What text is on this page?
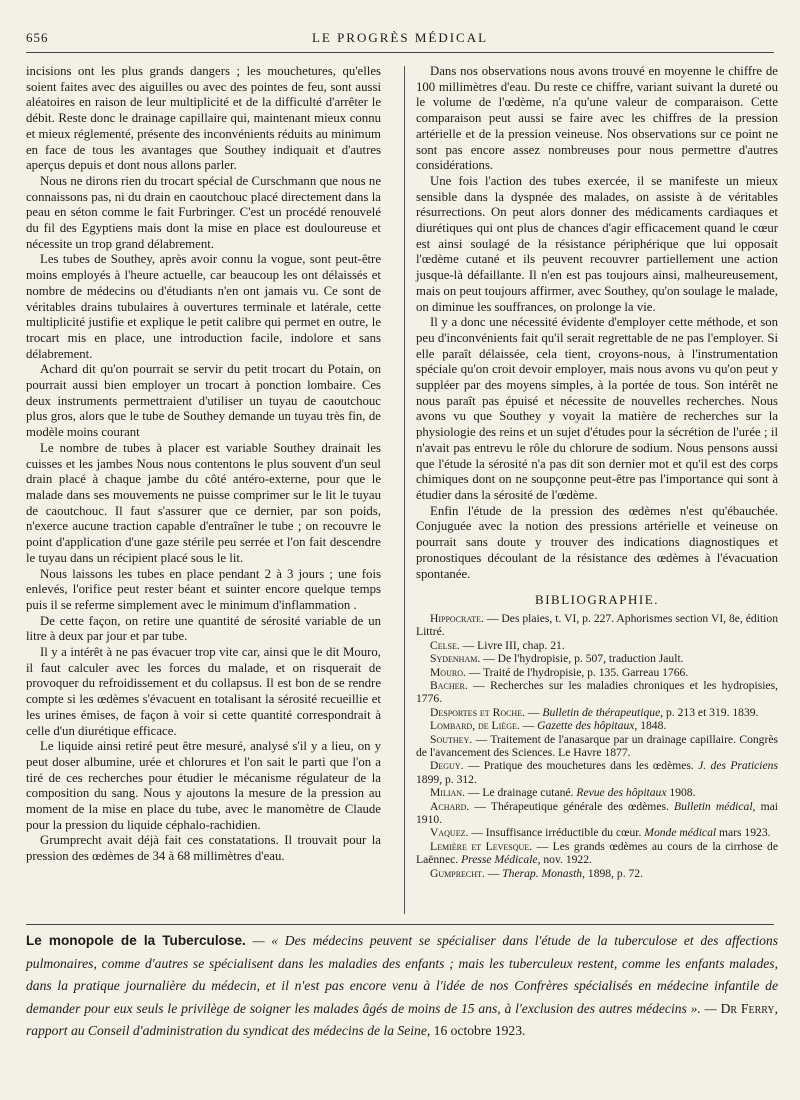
656	LE PROGRÈS MÉDICAL

incisions ont les plus grands dangers ; les mouchetures, qu'elles soient faites avec des aiguilles ou avec des pointes de feu, sont aussi aléatoires en raison de leur multiplicité et de la difficulté d'arrêter le débit. Reste donc le drainage capillaire qui, maintenant mieux connu et mieux réglementé, présente des inconvénients réduits au minimum en face de tous les avantages que Southey indiquait et d'autres aperçus depuis et dont nous allons parler.

Nous ne dirons rien du trocart spécial de Curschmann que nous ne connaissons pas, ni du drain en caoutchouc placé directement dans la peau en séton comme le fait Furbringer. C'est un procédé renouvelé du fil des Egyptiens mais dont la mise en place est douloureuse et nécessite un trop grand délabrement.

Les tubes de Southey, après avoir connu la vogue, sont peut-être moins employés à l'heure actuelle, car beaucoup les ont délaissés et nombre de médecins ou d'étudiants n'en ont jamais vu. Ce sont de véritables drains tubulaires à ouvertures terminale et latérale, cette multiplicité justifie et explique le petit calibre qui permet en outre, le trocart mis en place, une introduction facile, indolore et sans délabrement.

Achard dit qu'on pourrait se servir du petit trocart du Potain, on pourrait aussi bien employer un trocart à ponction lombaire. Ces deux instruments permettraient d'utiliser un tuyau de caoutchouc plus gros, alors que le tube de Southey demande un tuyau très fin, de modèle moins courant

Le nombre de tubes à placer est variable Southey drainait les cuisses et les jambes Nous nous contentons le plus souvent d'un seul drain placé à chaque jambe du côté antéro-externe, pour que le malade dans ses mouvements ne puisse comprimer sur le lit le tuyau de caoutchouc. Il faut s'assurer que ce dernier, par son poids, n'exerce aucune traction capable d'entraîner le tube ; on recouvre le point d'application d'une gaze stérile peu serrée et l'on fait descendre le tuyau dans un récipient placé sous le lit.

Nous laissons les tubes en place pendant 2 à 3 jours ; une fois enlevés, l'orifice peut rester béant et suinter encore quelque temps puis il se referme simplement avec le minimum d'inflammation .

De cette façon, on retire une quantité de sérosité variable de un litre à deux par jour et par tube.

Il y a intérêt à ne pas évacuer trop vite car, ainsi que le dit Mouro, il faut calculer avec les forces du malade, et on risquerait de provoquer du refroidissement et du collapsus. Il est bon de se rendre compte si les œdèmes s'évacuent en totalisant la sérosité recueillie et les urines émises, de façon à voir si cette quantité correspondrait à celle d'un diurétique efficace.

Le liquide ainsi retiré peut être mesuré, analysé s'il y a lieu, on y peut doser albumine, urée et chlorures et l'on sait le parti que l'on a tiré de ces recherches pour étudier le mécanisme régulateur de la composition du sang. Nous y ajoutons la mesure de la pression au moment de la mise en place du tube, avec le manomètre de Claude pour la pression du liquide céphalo-rachidien.

Grumprecht avait déjà fait ces constatations. Il trouvait pour la pression des œdèmes de 34 à 68 millimètres d'eau.

Dans nos observations nous avons trouvé en moyenne le chiffre de 100 millimètres d'eau. Du reste ce chiffre, variant suivant la dureté ou le volume de l'œdème, n'a qu'une valeur de comparaison. Cette comparaison peut aussi se faire avec les chiffres de la pression artérielle et de la pression veineuse. Nos observations sur ce point ne sont pas encore assez nombreuses pour nous permettre d'autres considérations.

Une fois l'action des tubes exercée, il se manifeste un mieux sensible dans la dyspnée des malades, on assiste à de véritables résurrections. On peut alors donner des médicaments cardiaques et diurétiques qui ont plus de chances d'agir efficacement quand le cœur est ainsi soulagé de la résistance périphérique que lui opposait l'œdème cutané et ils peuvent recouvrer partiellement une action jusque-là défaillante. Il n'en est pas toujours ainsi, malheureusement, mais on peut toujours affirmer, avec Southey, qu'on soulage le malade, on diminue les souffrances, on prolonge la vie.

Il y a donc une nécessité évidente d'employer cette méthode, et son peu d'inconvénients fait qu'il serait regrettable de ne pas l'employer. Si elle paraît délaissée, cela tient, croyons-nous, à l'instrumentation spéciale qu'on croit devoir employer, mais nous avons vu qu'on peut y suppléer par des moyens simples, à la portée de tous. Son intérêt ne nous paraît pas épuisé et nécessite de nouvelles recherches. Nous avons vu que Southey y voyait la matière de recherches sur la physiologie des reins et un sujet d'études pour la sécrétion de l'urée ; il n'avait pas entrevu le rôle du chlorure de sodium. Nous pensons aussi que l'étude la sérosité n'a pas dit son dernier mot et qu'il est des corps chimiques dont on ne soupçonne peut-être pas l'importance qui sont à étudier dans la sérosité de l'œdème.

Enfin l'étude de la pression des œdèmes n'est qu'ébauchée. Conjuguée avec la notion des pressions artérielle et veineuse on pourrait sans doute y trouver des indications diagnostiques et pronostiques découlant de la résistance des œdèmes à l'évacuation spontanée.

BIBLIOGRAPHIE.

Hippocrate. — Des plaies, t. VI, p. 227. Aphorismes section VI, 8e, édition Littré.

Celse. — Livre III, chap. 21.

Sydenham. — De l'hydropisie, p. 507, traduction Jault.

Mouro. — Traité de l'hydropisie, p. 135. Garreau 1766.

Bacher. — Recherches sur les maladies chroniques et les hydropisies, 1776.

Desportes et Roche. — Bulletin de thérapeutique, p. 213 et 319. 1839.

Lombard, de Liège. — Gazette des hôpitaux, 1848.

Southey. — Traitement de l'anasarque par un drainage capillaire. Congrès de l'avancement des Sciences. Le Havre 1877.

Deguy. — Pratique des mouchetures dans les œdèmes. J. des Praticiens 1899, p. 312.

Milian. — Le drainage cutané. Revue des hôpitaux 1908.

Achard. — Thérapeutique générale des œdèmes. Bulletin médical, mai 1910.

Vaquez. — Insuffisance irréductible du cœur. Monde médical mars 1923.

Lemière et Levesque. — Les grands œdèmes au cours de la cirrhose de Laënnec. Presse Médicale, nov. 1922.

Gumprecht. — Therap. Monasth, 1898, p. 72.

Le monopole de la Tuberculose. — « Des médecins peuvent se spécialiser dans l'étude de la tuberculose et des affections pulmonaires, comme d'autres se spécialisent dans les maladies des enfants ; mais les tuberculeux restent, comme les enfants malades, dans la pratique journalière du médecin, et il n'est pas encore venu à l'idée de nos Confrères spécialisés en médecine infantile de demander pour eux seuls le privilège de soigner les malades âgés de moins de 15 ans, à l'exclusion des autres médecins ». — Dr Ferry, rapport au Conseil d'administration du syndicat des médecins de la Seine, 16 octobre 1923.
